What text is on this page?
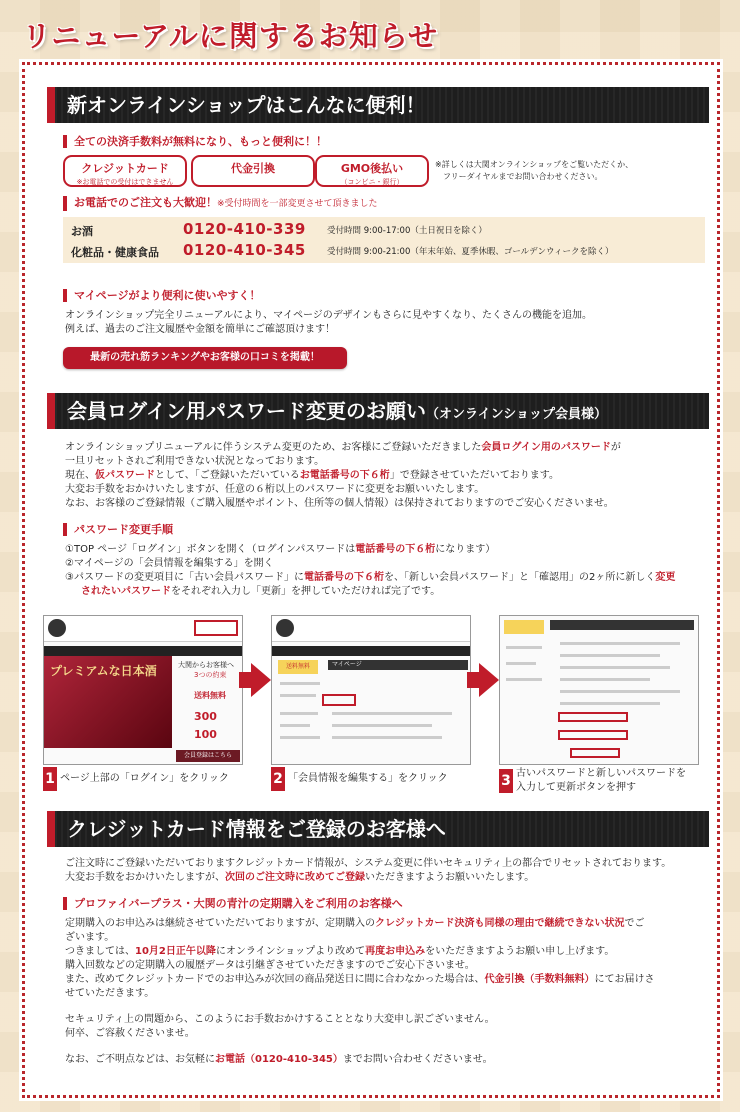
リニューアルに関するお知らせ
新オンラインショップはこんなに便利！
全ての決済手数料が無料になり、もっと便利に！！
クレジットカード
※お電話での受付はできません
代金引換	GMO後払い
（コンビニ・銀行）
※詳しくは大関オンラインショップをご覧いただくか、
フリーダイヤルまでお問い合わせください。
お電話でのご注文も大歓迎！※受付時間を一部変更させて頂きました
お酒	0120-410-339 受付時間 9:00-17:00（土日祝日を除く）
化粧品・健康食品 0120-410-345 受付時間 9:00-21:00（年末年始、夏季休暇、ゴールデンウィークを除く）
マイページがより便利に使いやすく！
オンラインショップ完全リニューアルにより、マイページのデザインもさらに見やすくなり、たくさんの機能を追加。
例えば、過去のご注文履歴や金額を簡単にご確認頂けます！
最新の売れ筋ランキングやお客様の口コミを掲載！
会員ログイン用パスワード変更のお願い（オンラインショップ会員様）
オンラインショップリニューアルに伴うシステム変更のため、お客様にご登録いただきました会員ログイン用のパスワードが
一旦リセットされご利用できない状況となっております。
現在、仮パスワードとして、「ご登録いただいているお電話番号の下６桁」で登録させていただいております。
大変お手数をおかけいたしますが、任意の６桁以上のパスワードに変更をお願いいたします。
なお、お客様のご登録情報（ご購入履歴やポイント、住所等の個人情報）は保持されておりますのでご安心くださいませ。
パスワード変更手順
①TOP ページ「ログイン」ボタンを開く（ログインパスワードは電話番号の下６桁になります）
②マイページの「会員情報を編集する」を開く
③パスワードの変更項目に「古い会員パスワード」に電話番号の下６桁を、「新しい会員パスワード」と「確認用」の2ヶ所に新しく変更
されたいパスワードをそれぞれ入力し「更新」を押していただければ完了です。
プレミアムな日本酒	大関からお客様へ
3つの約束
送料無料
300
100
会員登録はこちら
送料無料	マイページ
1 ページ上部の「ログイン」をクリック	2 「会員情報を編集する」をクリック	3 古いパスワードと新しいパスワードを
入力して更新ボタンを押す
クレジットカード情報をご登録のお客様へ
ご注文時にご登録いただいておりますクレジットカード情報が、システム変更に伴いセキュリティ上の都合でリセットされております。
大変お手数をおかけいたしますが、次回のご注文時に改めてご登録いただきますようお願いいたします。
プロファイバープラス・大関の青汁の定期購入をご利用のお客様へ
定期購入のお申込みは継続させていただいておりますが、定期購入のクレジットカード決済も同様の理由で継続できない状況でご
ざいます。
つきましては、10月2日正午以降にオンラインショップより改めて再度お申込みをいただきますようお願い申し上げます。
購入回数などの定期購入の履歴データは引継ぎさせていただきますのでご安心下さいませ。
また、改めてクレジットカードでのお申込みが次回の商品発送日に間に合わなかった場合は、代金引換（手数料無料）にてお届けさ
せていただきます。
セキュリティ上の問題から、このようにお手数おかけすることとなり大変申し訳ございません。
何卒、ご容赦くださいませ。
なお、ご不明点などは、お気軽にお電話（0120-410-345）までお問い合わせくださいませ。
